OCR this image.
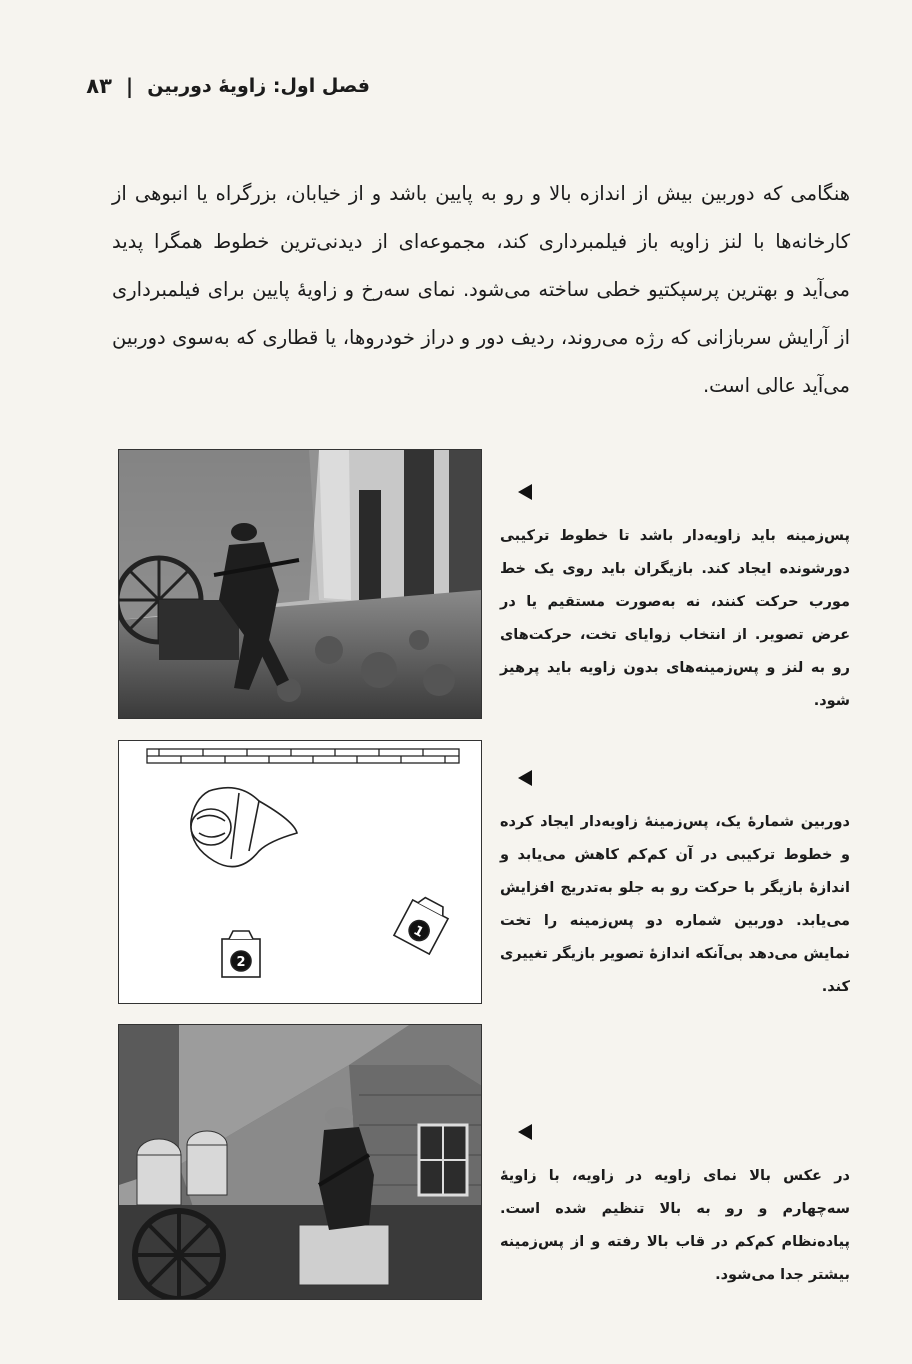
فصل اول: زاویهٔ دوربین
|
۸۳

هنگامی که دوربین بیش از اندازه بالا و رو به پایین باشد و از خیابان، بزرگراه یا انبوهی از کارخانه‌ها با لنز زاویه باز فیلمبرداری کند، مجموعه‌ای از دیدنی‌ترین خطوط همگرا پدید می‌آید و بهترین پرسپکتیو خطی ساخته می‌شود. نمای سه‌رخ و زاویهٔ پایین برای فیلمبرداری از آرایش سربازانی که رژه می‌روند، ردیف دور و دراز خودروها، یا قطاری که به‌سوی دوربین می‌آید عالی است.

پس‌زمینه باید زاویه‌دار باشد تا خطوط ترکیبی دورشونده ایجاد کند. بازیگران باید روی یک خط مورب حرکت کنند، نه به‌صورت مستقیم یا در عرض تصویر. از انتخاب زوایای تخت، حرکت‌های رو به لنز و پس‌زمینه‌های بدون زاویه باید پرهیز شود.

1
2

دوربین شمارهٔ یک، پس‌زمینهٔ زاویه‌دار ایجاد کرده و خطوط ترکیبی در آن کم‌کم کاهش می‌یابد و اندازهٔ بازیگر با حرکت رو به جلو به‌تدریج افزایش می‌یابد. دوربین شماره دو پس‌زمینه را تخت نمایش می‌دهد بی‌آنکه اندازهٔ تصویر بازیگر تغییری کند.

در عکس بالا نمای زاویه در زاویه، با زاویهٔ سه‌چهارم و رو به بالا تنظیم شده است. پیاده‌نظام کم‌کم در قاب بالا رفته و از پس‌زمینه بیشتر جدا می‌شود.
